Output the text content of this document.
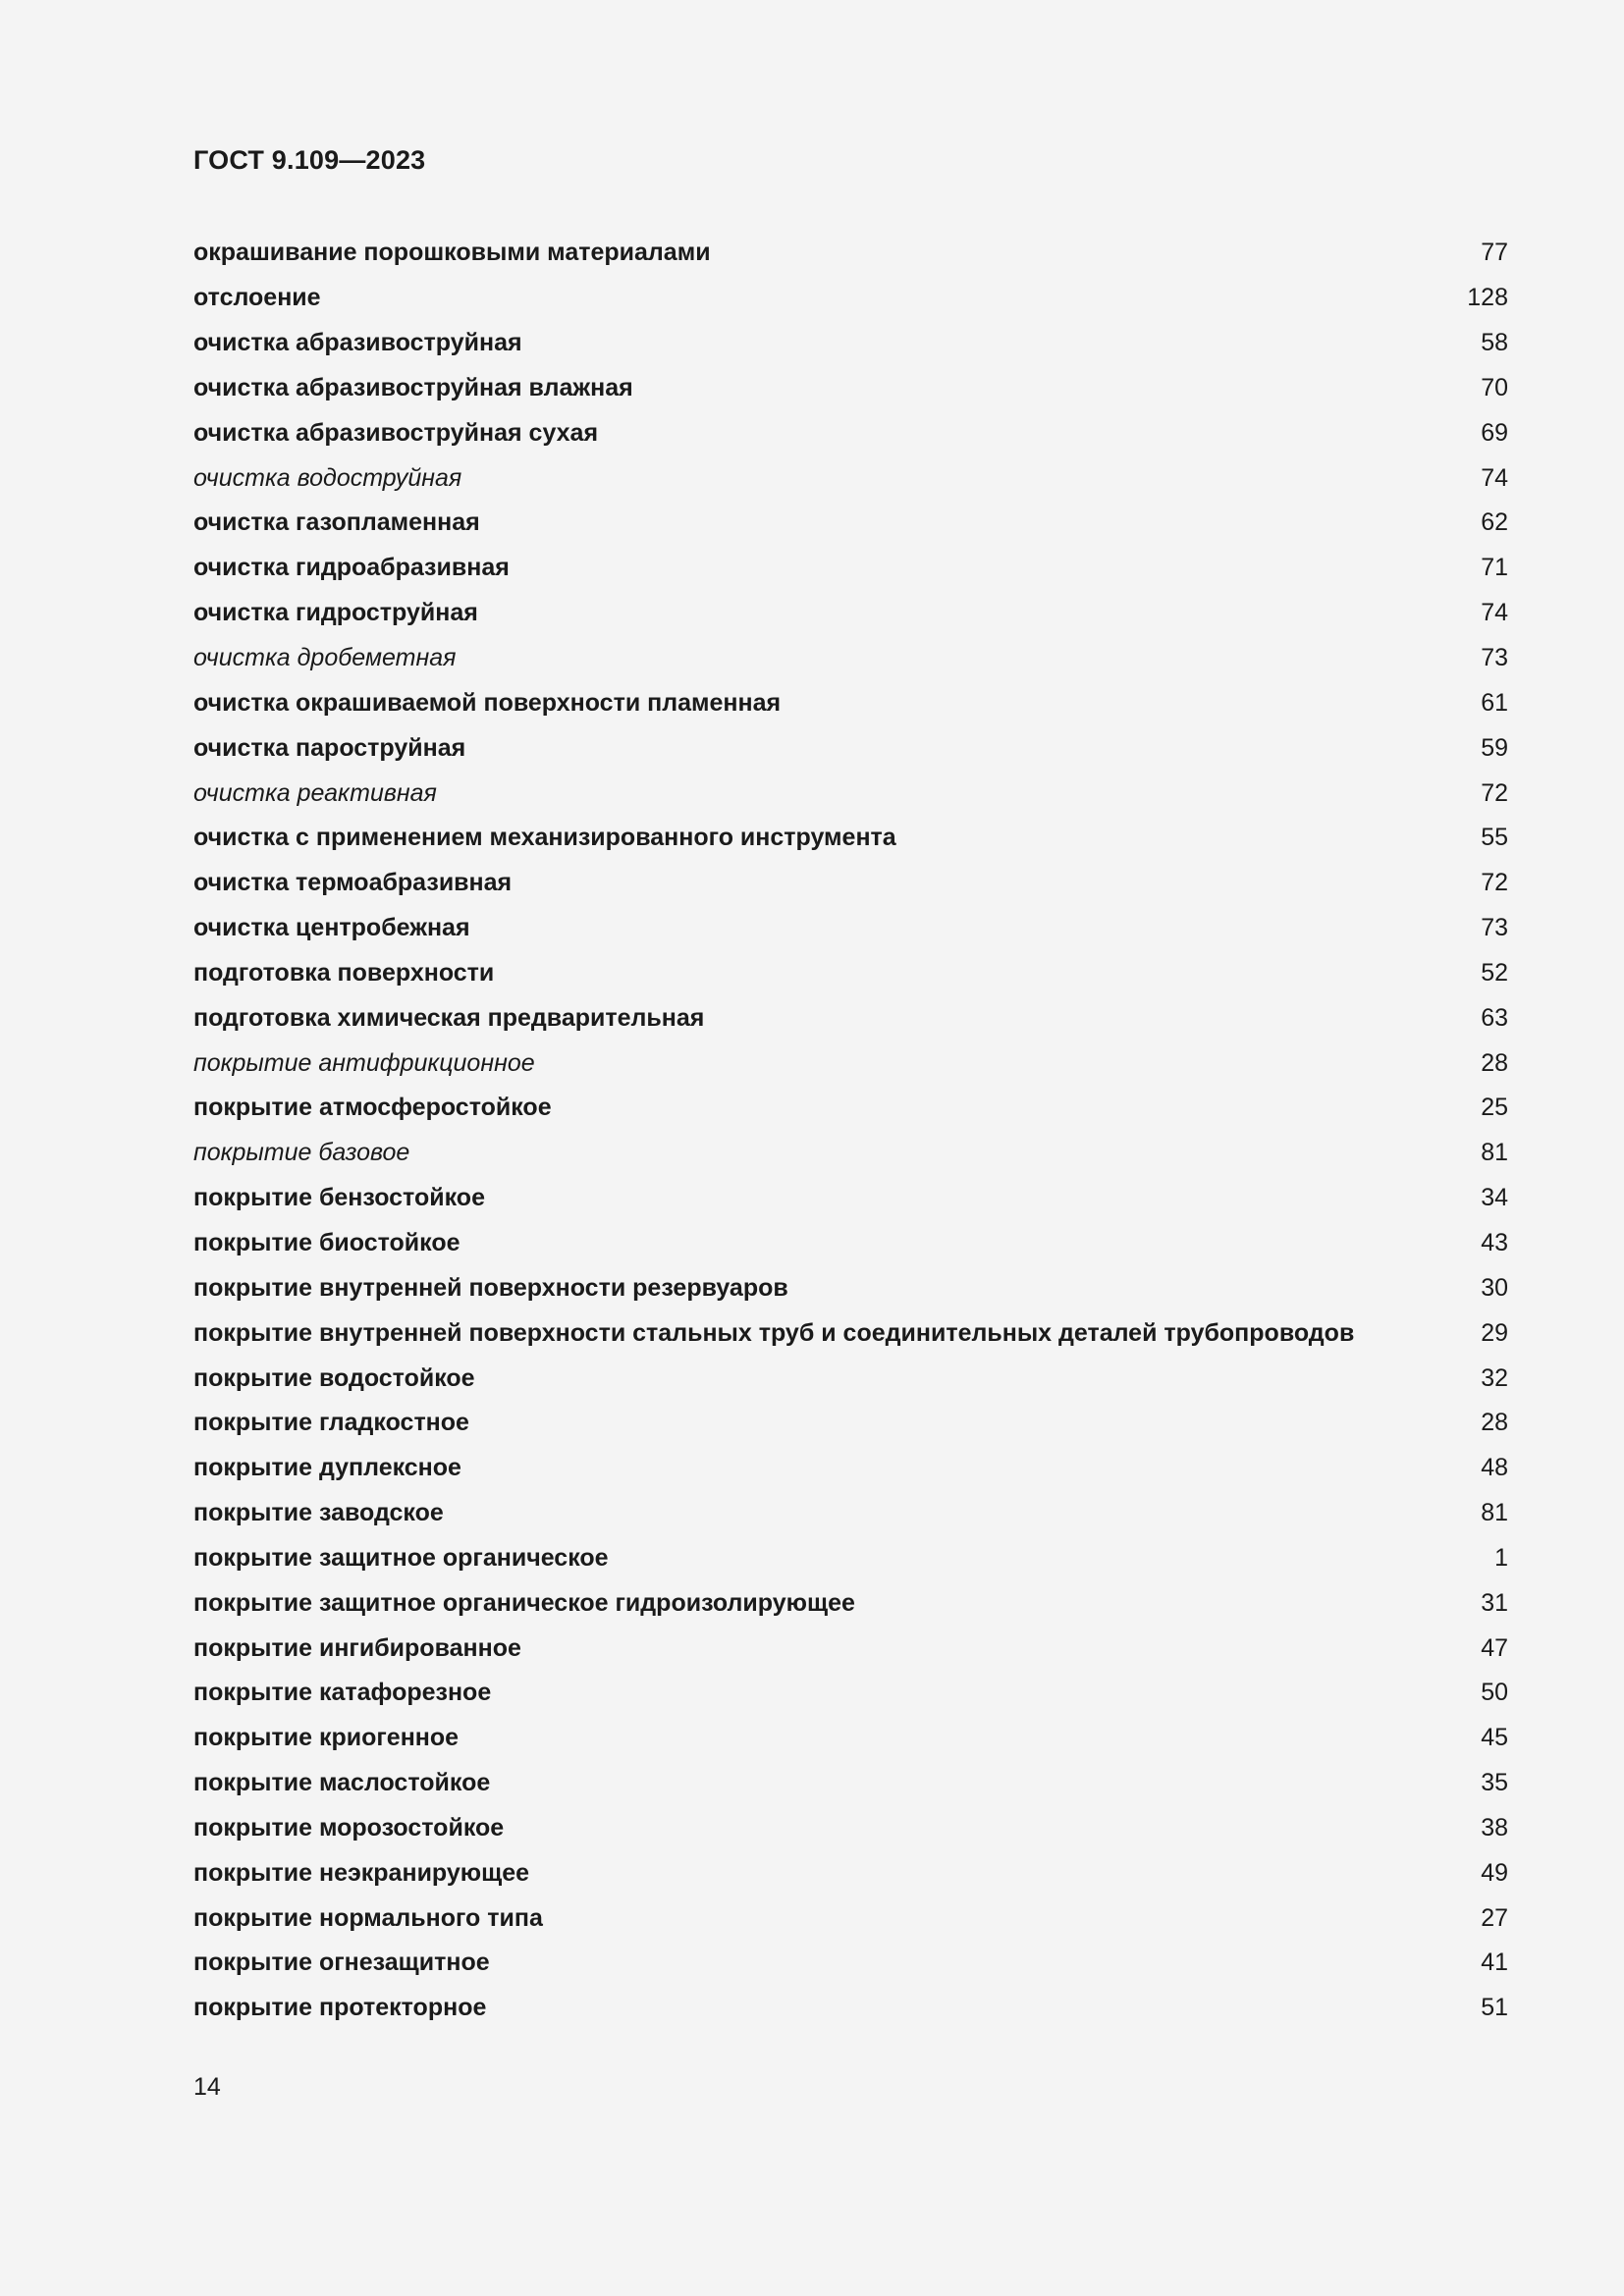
ГОСТ 9.109—2023
окрашивание порошковыми материалами	77
отслоение	128
очистка абразивоструйная	58
очистка абразивоструйная влажная	70
очистка абразивоструйная сухая	69
очистка водоструйная	74
очистка газопламенная	62
очистка гидроабразивная	71
очистка гидроструйная	74
очистка дробеметная	73
очистка окрашиваемой поверхности пламенная	61
очистка пароструйная	59
очистка реактивная	72
очистка с применением механизированного инструмента	55
очистка термоабразивная	72
очистка центробежная	73
подготовка поверхности	52
подготовка химическая предварительная	63
покрытие антифрикционное	28
покрытие атмосферостойкое	25
покрытие базовое	81
покрытие бензостойкое	34
покрытие биостойкое	43
покрытие внутренней поверхности резервуаров	30
покрытие внутренней поверхности стальных труб и соединительных деталей трубопроводов	29
покрытие водостойкое	32
покрытие гладкостное	28
покрытие дуплексное	48
покрытие заводское	81
покрытие защитное органическое	1
покрытие защитное органическое гидроизолирующее	31
покрытие ингибированное	47
покрытие катафорезное	50
покрытие криогенное	45
покрытие маслостойкое	35
покрытие морозостойкое	38
покрытие неэкранирующее	49
покрытие нормального типа	27
покрытие огнезащитное	41
покрытие протекторное	51
14
